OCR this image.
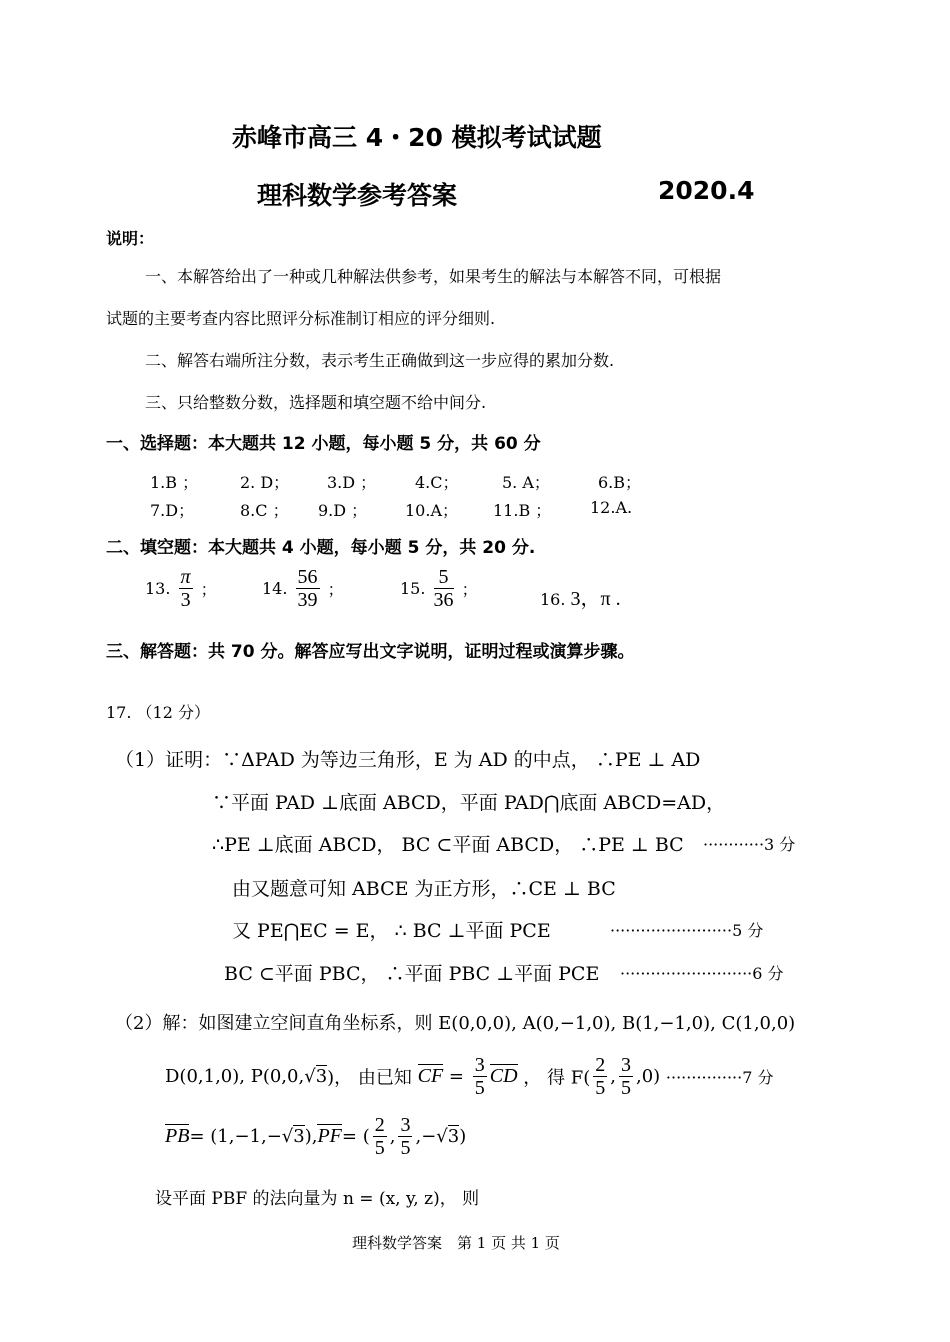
赤峰市高三 4・20 模拟考试试题
理科数学参考答案	2020.4
说明：
一、本解答给出了一种或几种解法供参考，如果考生的解法与本解答不同，可根据
试题的主要考查内容比照评分标准制订相应的评分细则.
二、解答右端所注分数，表示考生正确做到这一步应得的累加分数.
三、只给整数分数，选择题和填空题不给中间分.
一、选择题：本大题共 12 小题，每小题 5 分，共 60 分
1.B ；	2. D； 3.D ； 4.C；	5. A；	6.B；
7.D；	8.C ； 9.D ； 10.A； 11.B ； 12.A.
二、填空题：本大题共 4 小题，每小题 5 分，共 20 分.
13. $\frac{\pi}{3}$ ；	14. $\frac{56}{39}$ ；	15. $\frac{5}{36}$ ；
16. 3，π .
三、解答题：共 70 分。解答应写出文字说明，证明过程或演算步骤。
17. （12 分）
（1）证明：∵ΔPAD 为等边三角形，E 为 AD 的中点， ∴PE ⊥ AD
∵平面 PAD ⊥底面 ABCD，平面 PAD⋂底面 ABCD=AD，
∴PE ⊥底面 ABCD， BC ⊂平面 ABCD， ∴PE ⊥ BC ············3 分
由又题意可知 ABCE 为正方形，∴CE ⊥ BC
又 PE⋂EC = E， ∴ BC ⊥平面 PCE	························5 分
BC ⊂平面 PBC， ∴平面 PBC ⊥平面 PCE ··························6 分
（2）解：如图建立空间直角坐标系，则 E(0,0,0), A(0,−1,0), B(1,−1,0), C(1,0,0)
D(0,1,0), P(0,0,√3)， 由已知 CF = $\frac{3}{5}$ CD ， 得 $F( \frac{2}{5}$ , $\frac{3}{5} ,0) \cdot\cdot\cdot\cdot\cdot\cdot\cdot\cdot\cdot\cdot\cdot\cdot\cdot\cdot\cdot 7$ 分
PB= (1,−1,−√3),PF= ( $\frac{2}{5}$ , $\frac{3}{5} ,-√3$)
设平面 PBF 的法向量为 n = (x, y, z)， 则
理科数学答案　第 1 页 共 1 页
